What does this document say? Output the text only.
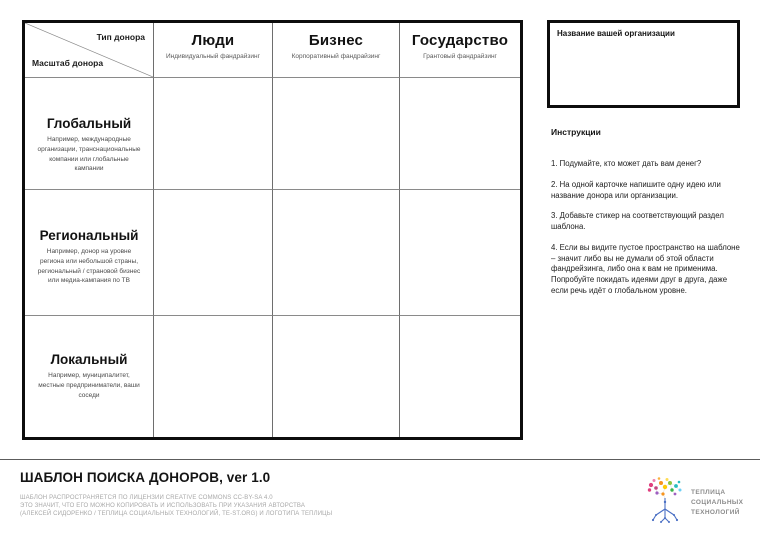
Тип донора
Масштаб донора
Люди
Индивидуальный фандрайзинг
Бизнес
Корпоративный фандрайзинг
Государство
Грантовый фандрайзинг
Глобальный
Например, международные организации, транснациональные компании или глобальные кампании
Региональный
Например, донор на уровне региона или небольшой страны, региональный / страновой бизнес или медиа-кампания по ТВ
Локальный
Например, муниципалитет, местные предприниматели, ваши соседи
Название вашей организации
Инструкции

1. Подумайте, кто может дать вам денег?

2. На одной карточке напишите одну идею или название донора или организации.

3. Добавьте стикер на соответствующий раздел шаблона.

4. Если вы видите пустое пространство на шаблоне – значит либо вы не думали об этой области фандрейзинга, либо она к вам не применима. Попробуйте покидать идеями друг в друга, даже если речь идёт о глобальном уровне.

ШАБЛОН ПОИСКА ДОНОРОВ, ver 1.0
ШАБЛОН РАСПРОСТРАНЯЕТСЯ ПО ЛИЦЕНЗИИ CREATIVE COMMONS CC-BY-SA 4.0
ЭТО ЗНАЧИТ, ЧТО ЕГО МОЖНО КОПИРОВАТЬ И ИСПОЛЬЗОВАТЬ ПРИ УКАЗАНИЯ АВТОРСТВА
(АЛЕКСЕЙ СИДОРЕНКО / ТЕПЛИЦА СОЦИАЛЬНЫХ ТЕХНОЛОГИЙ, TE-ST.ORG) И ЛОГОТИПА ТЕПЛИЦЫ
ТЕПЛИЦА
СОЦИАЛЬНЫХ
ТЕХНОЛОГИЙ
